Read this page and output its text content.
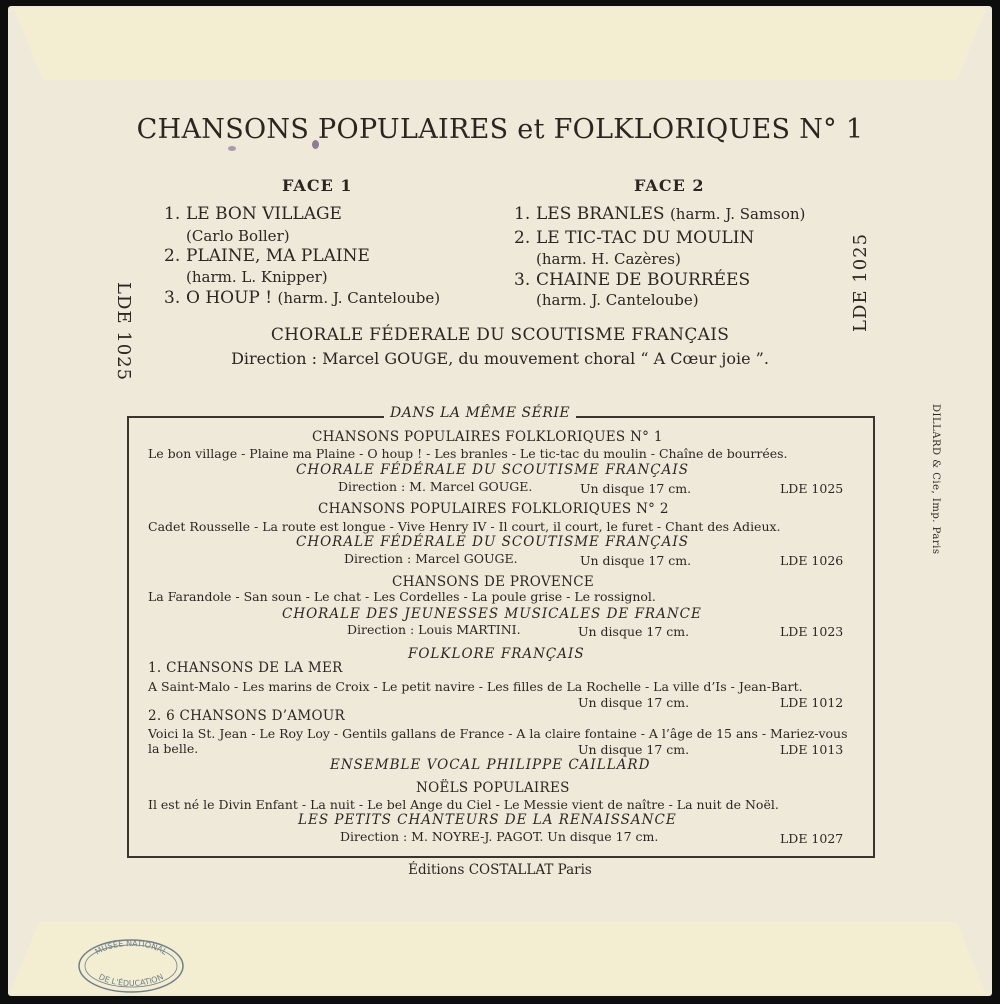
CHANSONS POPULAIRES et FOLKLORIQUES N° 1
FACE 1	FACE 2
1. LE BON VILLAGE
(Carlo Boller)
2. PLAINE, MA PLAINE
(harm. L. Knipper)
3. O HOUP ! (harm. J. Canteloube)
1. LES BRANLES (harm. J. Samson)
2. LE TIC-TAC DU MOULIN
(harm. H. Cazères)
3. CHAINE DE BOURRÉES
(harm. J. Canteloube)
LDE 1025	LDE 1025
CHORALE FÉDERALE DU SCOUTISME FRANÇAIS
Direction : Marcel GOUGE, du mouvement choral “ A Cœur joie ”.
DANS LA MÊME SÉRIE
CHANSONS POPULAIRES FOLKLORIQUES N° 1
Le bon village - Plaine ma Plaine - O houp ! - Les branles - Le tic-tac du moulin - Chaîne de bourrées.
CHORALE FÉDÉRALE DU SCOUTISME FRANÇAIS
Direction : M. Marcel GOUGE.	Un disque 17 cm.	LDE 1025
CHANSONS POPULAIRES FOLKLORIQUES N° 2
Cadet Rousselle - La route est longue - Vive Henry IV - Il court, il court, le furet - Chant des Adieux.
CHORALE FÉDÉRALE DU SCOUTISME FRANÇAIS
Direction : Marcel GOUGE.	Un disque 17 cm.	LDE 1026
CHANSONS DE PROVENCE
La Farandole - San soun - Le chat - Les Cordelles - La poule grise - Le rossignol.
CHORALE DES JEUNESSES MUSICALES DE FRANCE
Direction : Louis MARTINI.	Un disque 17 cm.	LDE 1023
FOLKLORE FRANÇAIS
1. CHANSONS DE LA MER
A Saint-Malo - Les marins de Croix - Le petit navire - Les filles de La Rochelle - La ville d’Is - Jean-Bart.
Un disque 17 cm.	LDE 1012
2. 6 CHANSONS D’AMOUR
Voici la St. Jean - Le Roy Loy - Gentils gallans de France - A la claire fontaine - A l’âge de 15 ans - Mariez-vous
la belle.	Un disque 17 cm.	LDE 1013
ENSEMBLE VOCAL PHILIPPE CAILLARD
NOËLS POPULAIRES
Il est né le Divin Enfant - La nuit - Le bel Ange du Ciel - Le Messie vient de naître - La nuit de Noël.
LES PETITS CHANTEURS DE LA RENAISSANCE
Direction : M. NOYRE-J. PAGOT. Un disque 17 cm.	LDE 1027
Éditions COSTALLAT Paris
DILLARD & Cie, Imp. Paris
MUSÉE NATIONAL
DE L'ÉDUCATION
